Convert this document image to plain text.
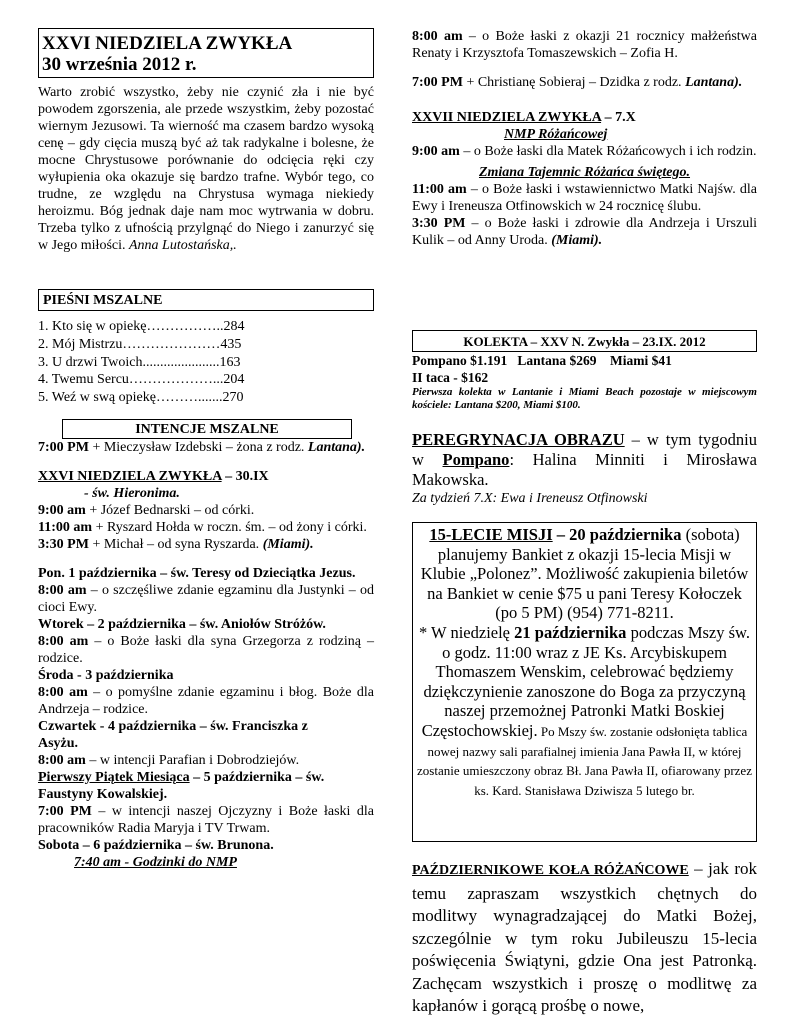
XXVI NIEDZIELA ZWYKŁA
30 września 2012 r.

Warto zrobić wszystko, żeby nie czynić zła i nie być powodem zgorszenia, ale przede wszystkim, żeby pozostać wiernym Jezusowi. Ta wierność ma czasem bardzo wysoką cenę – gdy cięcia muszą być aż tak radykalne i bolesne, że mocne Chrystusowe porównanie do odcięcia ręki czy wyłupienia oka okazuje się bardzo trafne. Wybór tego, co trudne, ze względu na Chrystusa wymaga niekiedy heroizmu. Bóg jednak daje nam moc wytrwania w dobru. Trzeba tylko z ufnością przylgnąć do Niego i zanurzyć się w Jego miłości. Anna Lutostańska,.

PIEŚNI MSZALNE
1. Kto się w opiekę……………..284
2. Mój Mistrzu…………………435
3. U drzwi Twoich......................163
4. Twemu Sercu………………...204
5. Weź w swą opiekę……….......270
INTENCJE MSZALNE

7:00 PM + Mieczysław Izdebski – żona z rodz. Lantana).

XXVI NIEDZIELA ZWYKŁA – 30.IX

- św. Hieronima.

9:00 am + Józef Bednarski – od córki.

11:00 am + Ryszard Hołda w roczn. śm. – od żony i córki.

3:30 PM + Michał – od syna Ryszarda. (Miami).

Pon. 1 października – św. Teresy od Dzieciątka Jezus.

8:00 am – o szczęśliwe zdanie egzaminu dla Justynki – od cioci Ewy.

Wtorek – 2 października – św. Aniołów Stróżów.

8:00 am – o Boże łaski dla syna Grzegorza z rodziną – rodzice.

Środa - 3 października

8:00 am – o pomyślne zdanie egzaminu i błog. Boże dla Andrzeja – rodzice.

Czwartek - 4 października – św. Franciszka z Asyżu.

8:00 am – w intencji Parafian i Dobrodziejów.

Pierwszy Piątek Miesiąca – 5 października – św. Faustyny Kowalskiej.

7:00 PM – w intencji naszej Ojczyzny i Boże łaski dla pracowników Radia Maryja i TV Trwam.

Sobota – 6 października – św. Brunona.

7:40 am - Godzinki do NMP

8:00 am – o Boże łaski z okazji 21 rocznicy małżeństwa Renaty i Krzysztofa Tomaszewskich – Zofia H.

7:00 PM + Christianę Sobieraj – Dzidka z rodz. Lantana).

XXVII NIEDZIELA ZWYKŁA – 7.X

NMP Różańcowej

9:00 am – o Boże łaski dla Matek Różańcowych i ich rodzin.

Zmiana Tajemnic Różańca świętego.

11:00 am – o Boże łaski i wstawiennictwo Matki Najśw. dla Ewy i Ireneusza Otfinowskich w 24 rocznicę ślubu.

3:30 PM – o Boże łaski i zdrowie dla Andrzeja i Urszuli Kulik – od Anny Uroda. (Miami).

KOLEKTA – XXV N. Zwykła – 23.IX. 2012

Pompano $1.191   Lantana $269    Miami $41

II taca - $162

Pierwsza kolekta w Lantanie i Miami Beach pozostaje w miejscowym kościele: Lantana $200, Miami $100.

PEREGRYNACJA OBRAZU – w tym tygodniu w Pompano: Halina Minniti i Mirosława Makowska.

Za tydzień 7.X: Ewa i Ireneusz Otfinowski

15-LECIE MISJI – 20 października (sobota) planujemy Bankiet z okazji 15-lecia Misji w Klubie „Polonez”. Możliwość zakupienia biletów na Bankiet w cenie $75 u pani Teresy Kołoczek (po 5 PM) (954) 771-8211.

* W niedzielę 21 października podczas Mszy św. o godz. 11:00 wraz z JE Ks. Arcybiskupem Thomaszem Wenskim, celebrować będziemy dziękczynienie zanoszone do Boga za przyczyną naszej przemożnej Patronki Matki Boskiej Częstochowskiej. Po Mszy św. zostanie odsłonięta tablica nowej nazwy sali parafialnej imienia Jana Pawła II, w której zostanie umieszczony obraz Bł. Jana Pawła II, ofiarowany przez ks. Kard. Stanisława Dziwisza 5 lutego br.

PAŹDZIERNIKOWE KOŁA RÓŻAŃCOWE – jak rok temu zapraszam wszystkich chętnych do modlitwy wynagradzającej do Matki Bożej, szczególnie w tym roku Jubileuszu 15-lecia poświęcenia Świątyni, gdzie Ona jest Patronką. Zachęcam wszystkich i proszę o modlitwę za kapłanów i gorącą prośbę o nowe,
